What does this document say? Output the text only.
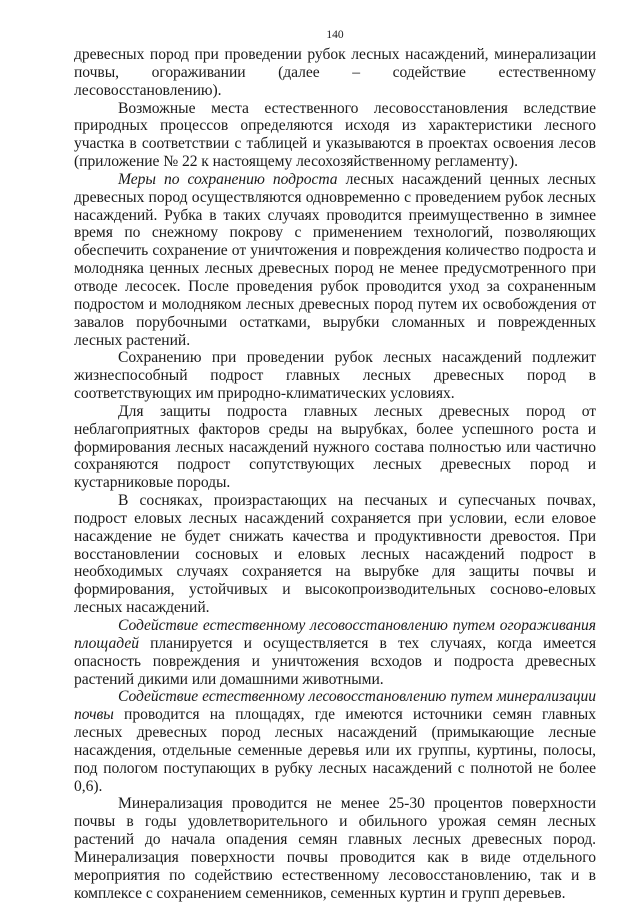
140

древесных пород при проведении рубок лесных насаждений, минерализации почвы, огораживании (далее – содействие естественному лесовосстановлению).

Возможные места естественного лесовосстановления вследствие природных процессов определяются исходя из характеристики лесного участка в соответствии с таблицей и указываются в проектах освоения лесов (приложение № 22 к настоящему лесохозяйственному регламенту).

Меры по сохранению подроста лесных насаждений ценных лесных древесных пород осуществляются одновременно с проведением рубок лесных насаждений. Рубка в таких случаях проводится преимущественно в зимнее время по снежному покрову с применением технологий, позволяющих обеспечить сохранение от уничтожения и повреждения количество подроста и молодняка ценных лесных древесных пород не менее предусмотренного при отводе лесосек. После проведения рубок проводится уход за сохраненным подростом и молодняком лесных древесных пород путем их освобождения от завалов порубочными остатками, вырубки сломанных и поврежденных лесных растений.

Сохранению при проведении рубок лесных насаждений подлежит жизнеспособный подрост главных лесных древесных пород в соответствующих им природно-климатических условиях.

Для защиты подроста главных лесных древесных пород от неблагоприятных факторов среды на вырубках, более успешного роста и формирования лесных насаждений нужного состава полностью или частично сохраняются подрост сопутствующих лесных древесных пород и кустарниковые породы.

В сосняках, произрастающих на песчаных и супесчаных почвах, подрост еловых лесных насаждений сохраняется при условии, если еловое насаждение не будет снижать качества и продуктивности древостоя. При восстановлении сосновых и еловых лесных насаждений подрост в необходимых случаях сохраняется на вырубке для защиты почвы и формирования, устойчивых и высокопроизводительных сосново-еловых лесных насаждений.

Содействие естественному лесовосстановлению путем огораживания площадей планируется и осуществляется в тех случаях, когда имеется опасность повреждения и уничтожения всходов и подроста древесных растений дикими или домашними животными.

Содействие естественному лесовосстановлению путем минерализации почвы проводится на площадях, где имеются источники семян главных лесных древесных пород лесных насаждений (примыкающие лесные насаждения, отдельные семенные деревья или их группы, куртины, полосы, под пологом поступающих в рубку лесных насаждений с полнотой не более 0,6).

Минерализация проводится не менее 25-30 процентов поверхности почвы в годы удовлетворительного и обильного урожая семян лесных растений до начала опадения семян главных лесных древесных пород. Минерализация поверхности почвы проводится как в виде отдельного мероприятия по содействию естественному лесовосстановлению, так и в комплексе с сохранением семенников, семенных куртин и групп деревьев.
